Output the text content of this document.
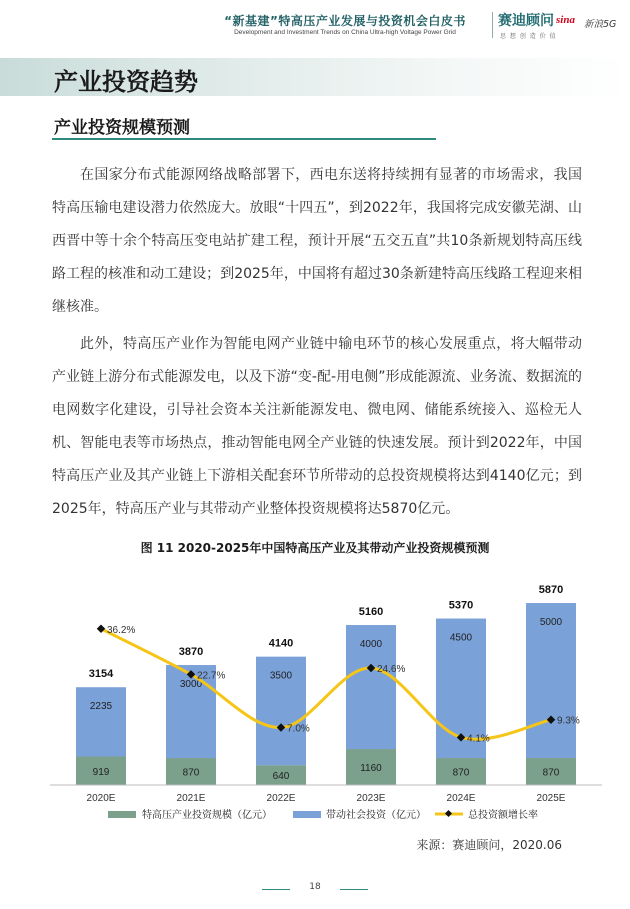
“新基建”特高压产业发展与投资机会白皮书
Development and Investment Trends on China Ultra-high Voltage Power Grid
赛迪顾问
思 想 创 造 价 值
sina 新浪5G
产业投资趋势
产业投资规模预测

在国家分布式能源网络战略部署下，西电东送将持续拥有显著的市场需求，我国特高压输电建设潜力依然庞大。放眼“十四五”，到2022年，我国将完成安徽芜湖、山西晋中等十余个特高压变电站扩建工程，预计开展“五交五直”共10条新规划特高压线路工程的核准和动工建设；到2025年，中国将有超过30条新建特高压线路工程迎来相继核准。

此外，特高压产业作为智能电网产业链中输电环节的核心发展重点，将大幅带动产业链上游分布式能源发电，以及下游“变-配-用电侧”形成能源流、业务流、数据流的电网数字化建设，引导社会资本关注新能源发电、微电网、储能系统接入、巡检无人机、智能电表等市场热点，推动智能电网全产业链的快速发展。预计到2022年，中国特高压产业及其产业链上下游相关配套环节所带动的总投资规模将达到4140亿元；到2025年，特高压产业与其带动产业整体投资规模将达5870亿元。

图 11 2020-2025年中国特高压产业及其带动产业投资规模预测
919
2235
3154
2020E
870
3000
3870
2021E
640
3500
4140
2022E
1160
4000
5160
2023E
870
4500
5370
2024E
870
5000
5870
2025E
36.2%
22.7%
7.0%
24.6%
4.1%
9.3%
特高压产业投资规模（亿元）	带动社会投资（亿元）	总投资额增长率
来源：赛迪顾问，2020.06
18
